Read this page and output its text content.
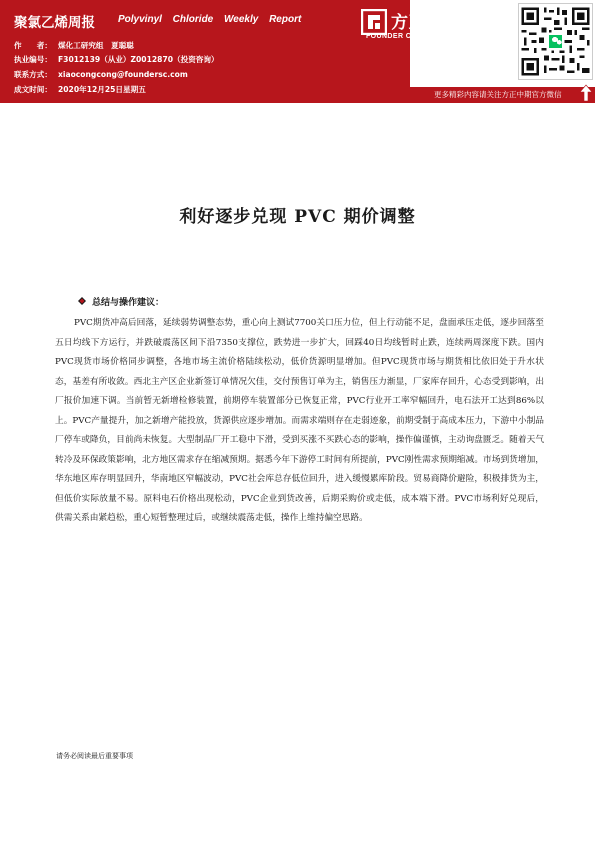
聚氯乙烯周报 Polyvinyl Chloride Weekly Report
作　　者： 煤化工研究组　夏聪聪
执业编号： F3012139（从业）Z0012870（投资咨询）
联系方式： xiaocongcong@foundersc.com
成文时间： 2020年12月25日星期五
方正中期期货
FOUNDER CIFCO FUTURES
更多精彩内容请关注方正中期官方微信
利好逐步兑现 PVC 期价调整
总结与操作建议：
PVC期货冲高后回落，延续弱势调整态势，重心向上测试7700关口压力位，但上行动能不足，盘面承压走低，逐步回落至五日均线下方运行，并跌破震荡区间下沿7350支撑位，跌势进一步扩大，回踩40日均线暂时止跌，连续两周深度下跌。国内PVC现货市场价格同步调整，各地市场主流价格陆续松动，低价货源明显增加。但PVC现货市场与期货相比依旧处于升水状态，基差有所收敛。西北主产区企业新签订单情况欠佳，交付预售订单为主，销售压力渐显，厂家库存回升，心态受到影响，出厂报价加速下调。当前暂无新增检修装置，前期停车装置部分已恢复正常，PVC行业开工率窄幅回升，电石法开工达到86%以上。PVC产量提升，加之新增产能投放，货源供应逐步增加。而需求端则存在走弱迹象，前期受制于高成本压力，下游中小制品厂停车或降负，目前尚未恢复。大型制品厂开工稳中下滑，受到买涨不买跌心态的影响，操作偏谨慎，主动询盘匮乏。随着天气转冷及环保政策影响，北方地区需求存在缩减预期。据悉今年下游停工时间有所提前，PVC刚性需求预期缩减。市场到货增加，华东地区库存明显回升，华南地区窄幅波动，PVC社会库总存低位回升，进入缓慢累库阶段。贸易商降价避险，积极排货为主，但低价实际放量不易。原料电石价格出现松动，PVC企业到货改善，后期采购价或走低，成本端下滑。PVC市场利好兑现后，供需关系由紧趋松，重心短暂整理过后，或继续震荡走低，操作上维持偏空思路。
请务必阅读最后重要事项
